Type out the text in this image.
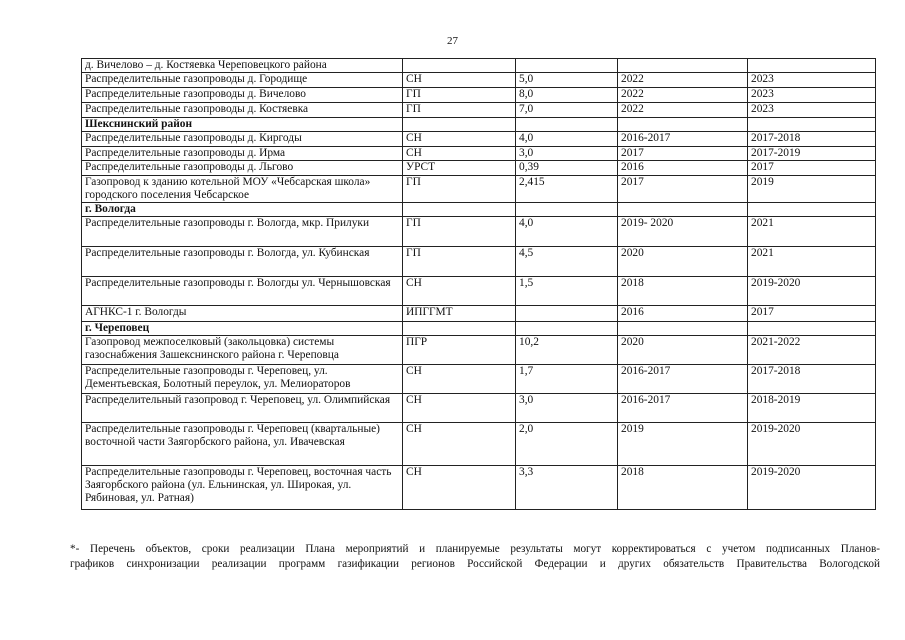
27
д. Вичелово – д. Костяевка Череповецкого района				
Распределительные газопроводы д. Городище	СН	5,0	2022	2023
Распределительные газопроводы д. Вичелово	ГП	8,0	2022	2023
Распределительные газопроводы д. Костяевка	ГП	7,0	2022	2023
Шекснинский район				
Распределительные газопроводы д. Киргоды	СН	4,0	2016-2017	2017-2018
Распределительные газопроводы д. Ирма	СН	3,0	2017	2017-2019
Распределительные газопроводы д. Льгово	УРСТ	0,39	2016	2017
Газопровод к зданию котельной МОУ «Чебсарская школа» городского поселения Чебсарское	ГП	2,415	2017	2019
г. Вологда				
Распределительные газопроводы г. Вологда, мкр. Прилуки	ГП	4,0	2019- 2020	2021
Распределительные газопроводы г. Вологда, ул. Кубинская	ГП	4,5	2020	2021
Распределительные газопроводы г. Вологды ул. Чернышовская	СН	1,5	2018	2019-2020
АГНКС-1 г. Вологды	ИПГГМТ		2016	2017
г. Череповец				
Газопровод межпоселковый (закольцовка) системы газоснабжения Зашекснинского района г. Череповца	ПГР	10,2	2020	2021-2022
Распределительные газопроводы г. Череповец, ул. Дементьевская, Болотный переулок, ул. Мелиораторов	СН	1,7	2016-2017	2017-2018
Распределительный газопровод г. Череповец, ул. Олимпийская	СН	3,0	2016-2017	2018-2019
Распределительные газопроводы г. Череповец (квартальные) восточной части Заягорбского района, ул. Ивачевская	СН	2,0	2019	2019-2020
Распределительные газопроводы г. Череповец, восточная часть Заягорбского района (ул. Ельнинская, ул. Широкая, ул. Рябиновая, ул. Ратная)	СН	3,3	2018	2019-2020
*- Перечень объектов, сроки реализации Плана мероприятий и планируемые результаты могут корректироваться с учетом подписанных Планов-
графиков синхронизации реализации программ газификации регионов Российской Федерации и других обязательств Правительства Вологодской
